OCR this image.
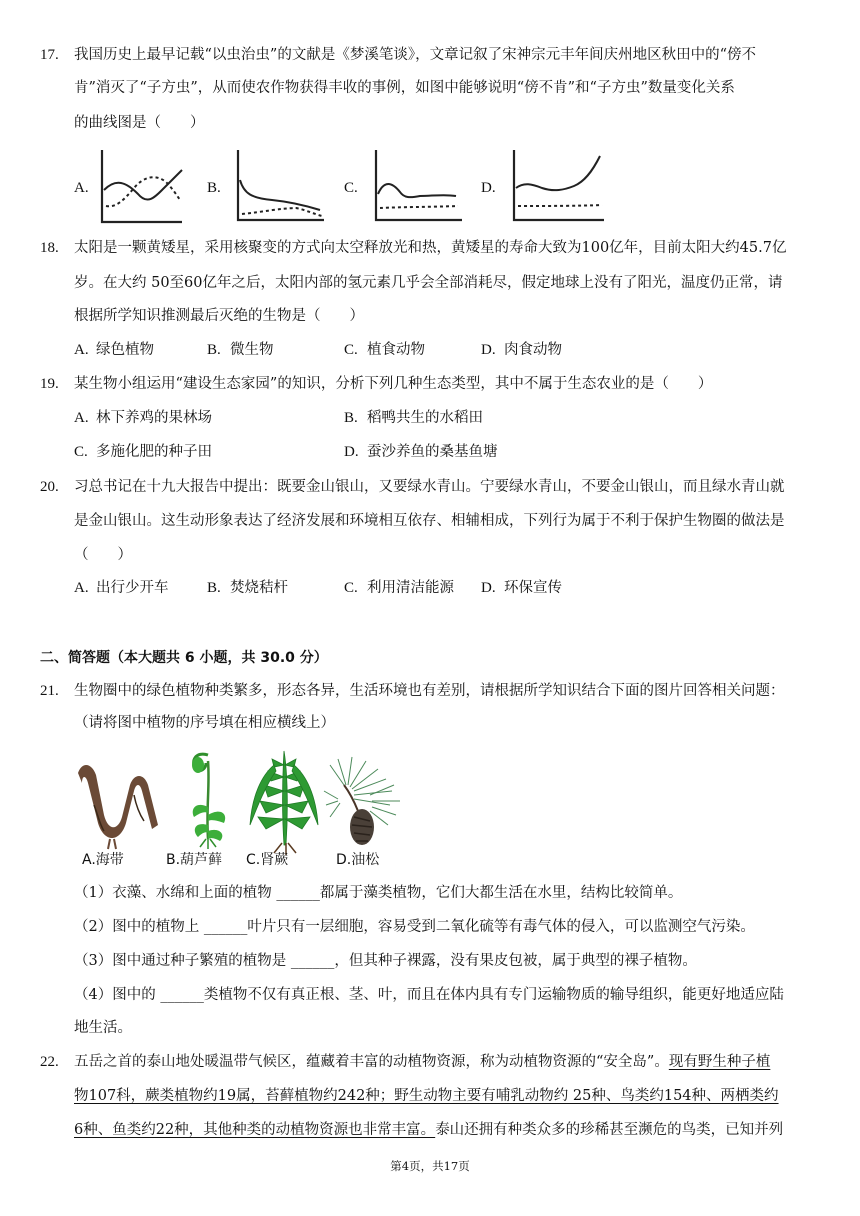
17. 我国历史上最早记载“以虫治虫”的文献是《梦溪笔谈》，文章记叙了宋神宗元丰年间庆州地区秋田中的“傍不
肯”消灭了“子方虫”，从而使农作物获得丰收的事例，如图中能够说明“傍不肯”和“子方虫”数量变化关系
的曲线图是（　　）
A.	B.	C.	D.
18. 太阳是一颗黄矮星，采用核聚变的方式向太空释放光和热，黄矮星的寿命大致为100亿年，目前太阳大约45.7亿
岁。在大约 50至60亿年之后，太阳内部的氢元素几乎会全部消耗尽，假定地球上没有了阳光，温度仍正常，请
根据所学知识推测最后灭绝的生物是（　　）
A. 绿色植物	B. 微生物	C. 植食动物	D. 肉食动物
19. 某生物小组运用“建设生态家园”的知识，分析下列几种生态类型，其中不属于生态农业的是（　　）
A. 林下养鸡的果林场	B. 稻鸭共生的水稻田
C. 多施化肥的种子田	D. 蚕沙养鱼的桑基鱼塘
20. 习总书记在十九大报告中提出：既要金山银山，又要绿水青山。宁要绿水青山，不要金山银山，而且绿水青山就
是金山银山。这生动形象表达了经济发展和环境相互依存、相辅相成，下列行为属于不利于保护生物圈的做法是
（　　）
A. 出行少开车	B. 焚烧秸杆	C. 利用清洁能源 D. 环保宣传
二、简答题（本大题共 6 小题，共 30.0 分）
21. 生物圈中的绿色植物种类繁多，形态各异，生活环境也有差别，请根据所学知识结合下面的图片回答相关问题：
（请将图中植物的序号填在相应横线上）
A.海带	B.葫芦藓 C.肾蕨	D.油松
（1）衣藻、水绵和上面的植物 ______都属于藻类植物，它们大都生活在水里，结构比较简单。
（2）图中的植物上 ______叶片只有一层细胞，容易受到二氧化硫等有毒气体的侵入，可以监测空气污染。
（3）图中通过种子繁殖的植物是 ______，但其种子裸露，没有果皮包被，属于典型的裸子植物。
（4）图中的 ______类植物不仅有真正根、茎、叶，而且在体内具有专门运输物质的输导组织，能更好地适应陆
地生活。
22. 五岳之首的泰山地处暖温带气候区，蕴藏着丰富的动植物资源，称为动植物资源的“安全岛”。现有野生种子植
物107科，蕨类植物约19属，苔藓植物约242种；野生动物主要有哺乳动物约 25种、鸟类约154种、两栖类约
6种、鱼类约22种，其他种类的动植物资源也非常丰富。泰山还拥有种类众多的珍稀甚至濒危的鸟类，已知并列
第4页，共17页
